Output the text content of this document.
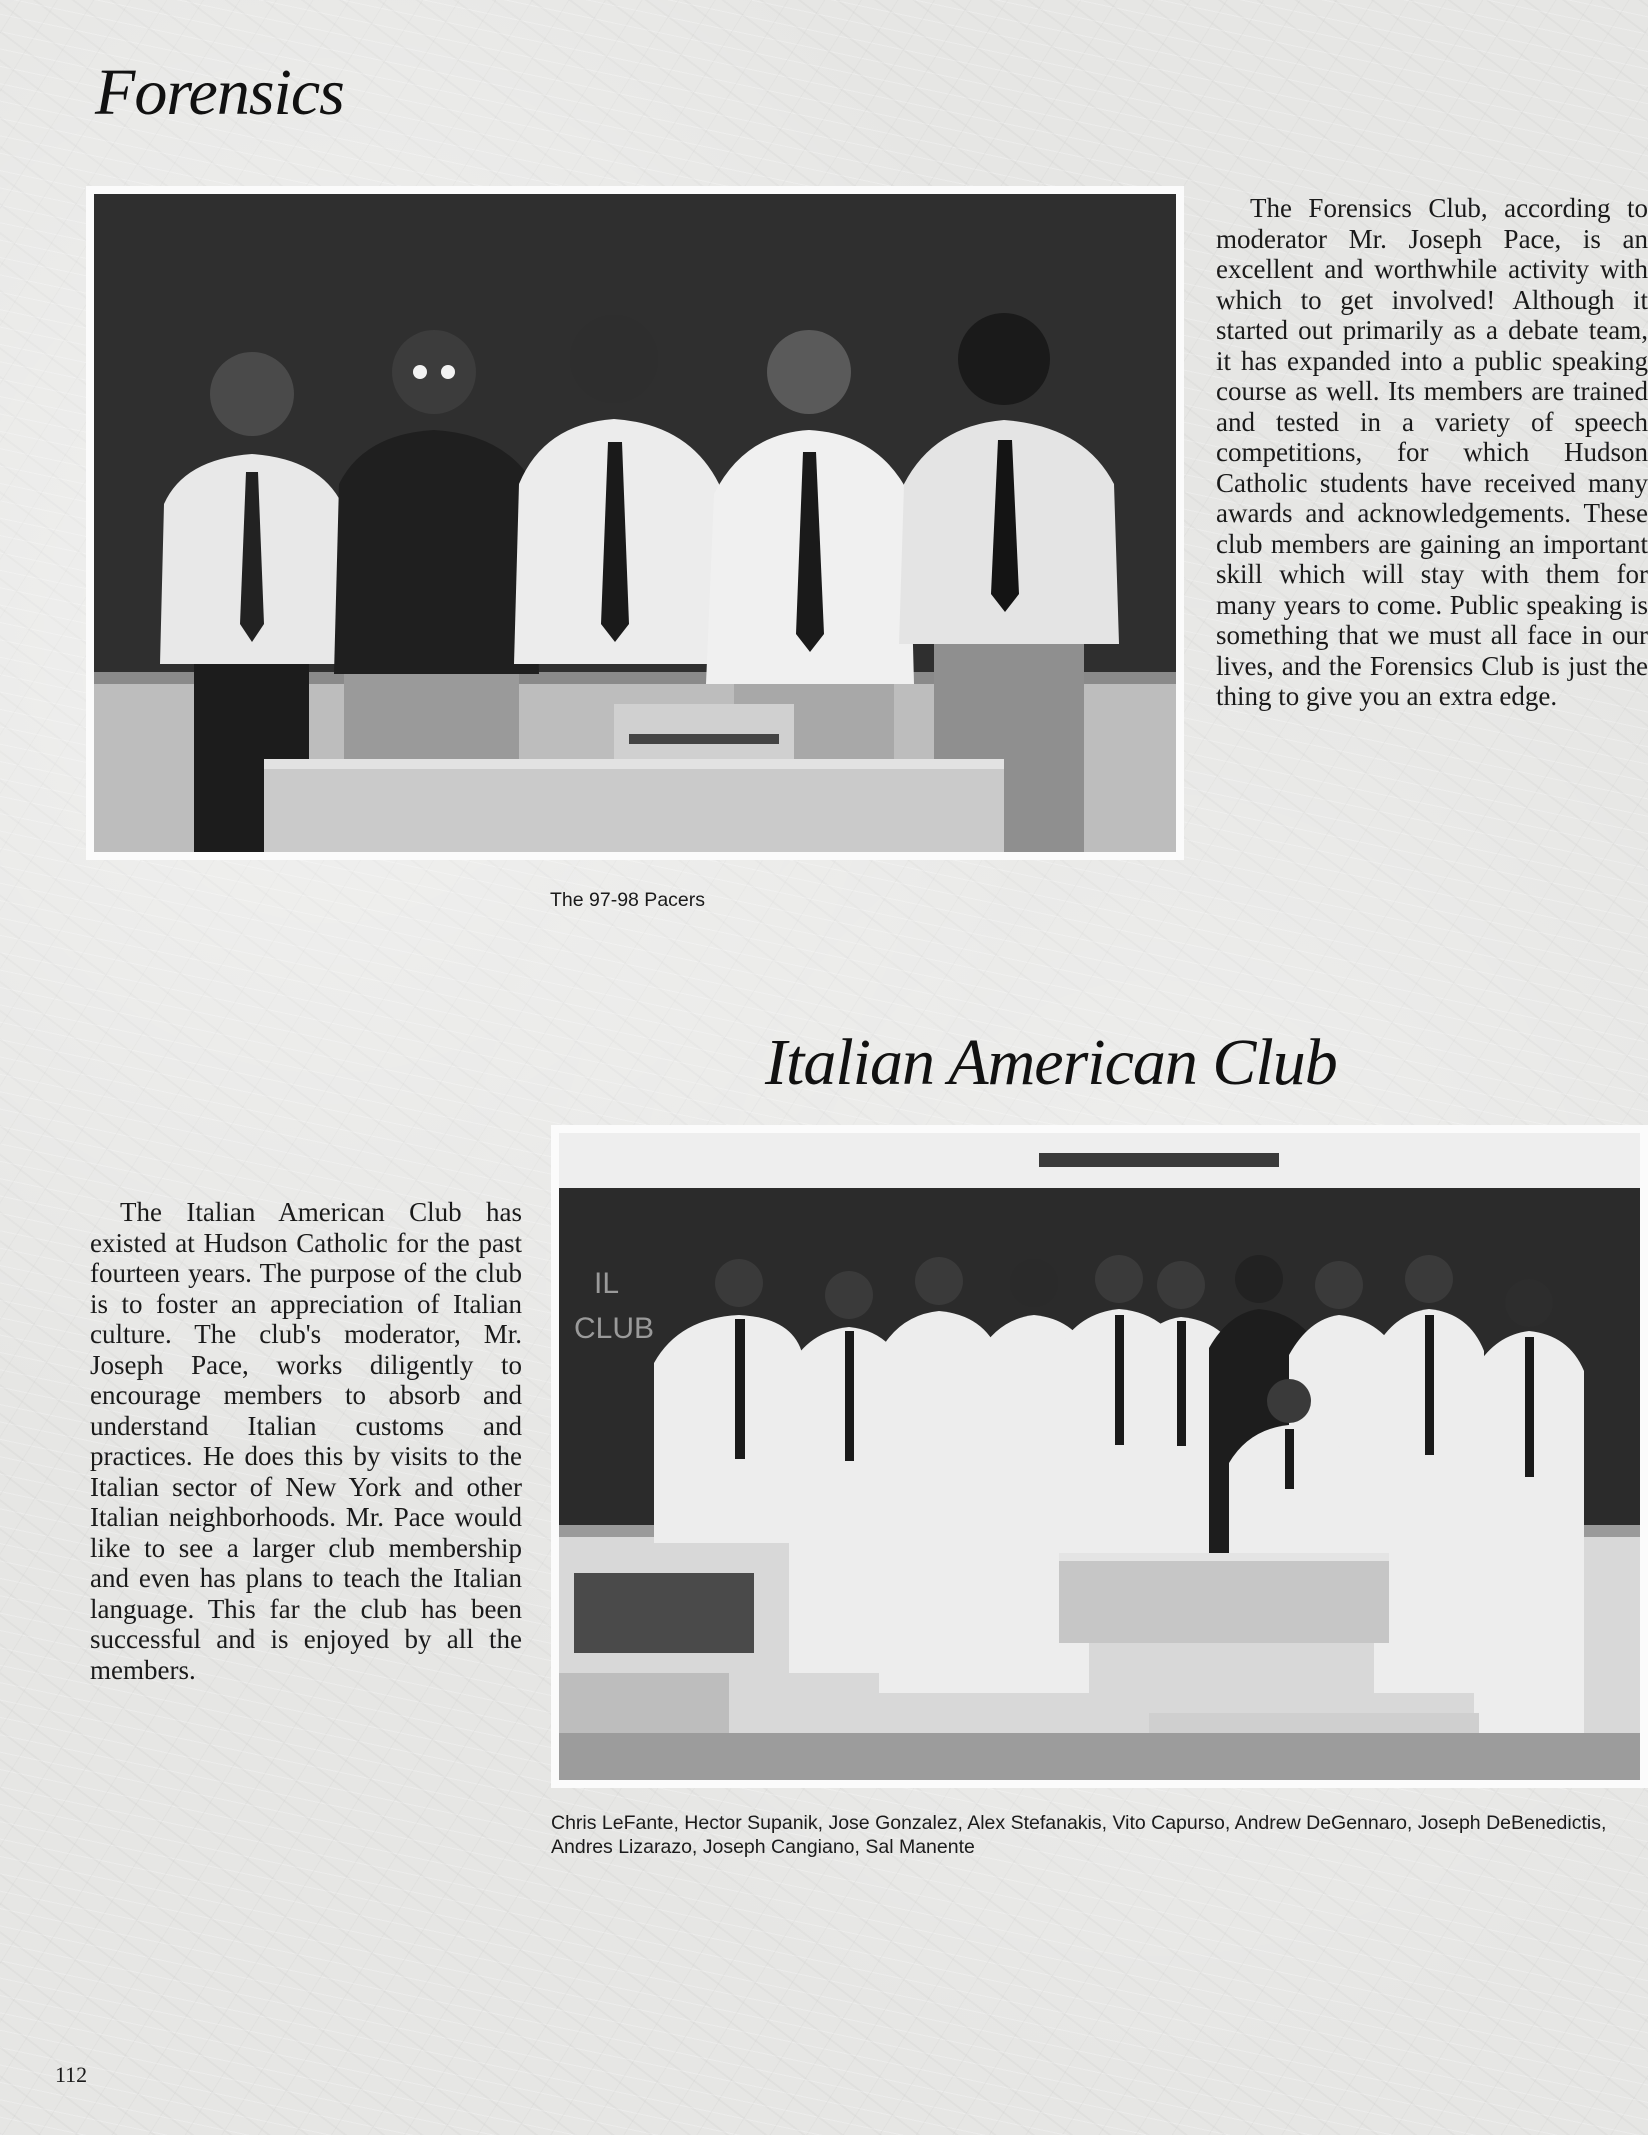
Forensics

The Forensics Club, according to moderator Mr. Joseph Pace, is an excellent and worthwhile activity with which to get involved! Although it started out primarily as a debate team, it has expanded into a public speaking course as well. Its members are trained and tested in a variety of speech competitions, for which Hudson Catholic students have received many awards and acknowledgements. These club members are gaining an important skill which will stay with them for many years to come. Public speaking is something that we must all face in our lives, and the Forensics Club is just the thing to give you an extra edge.

The 97-98 Pacers

Italian American Club
IL
CLUB

The Italian American Club has existed at Hudson Catholic for the past fourteen years. The purpose of the club is to foster an appreciation of Italian culture. The club's moderator, Mr. Joseph Pace, works diligently to encourage members to absorb and understand Italian customs and practices. He does this by visits to the Italian sector of New York and other Italian neighborhoods. Mr. Pace would like to see a larger club membership and even has plans to teach the Italian language. This far the club has been successful and is enjoyed by all the members.

Chris LeFante, Hector Supanik, Jose Gonzalez, Alex Stefanakis, Vito Capurso, Andrew DeGennaro, Joseph DeBenedictis, Andres Lizarazo, Joseph Cangiano, Sal Manente

112
